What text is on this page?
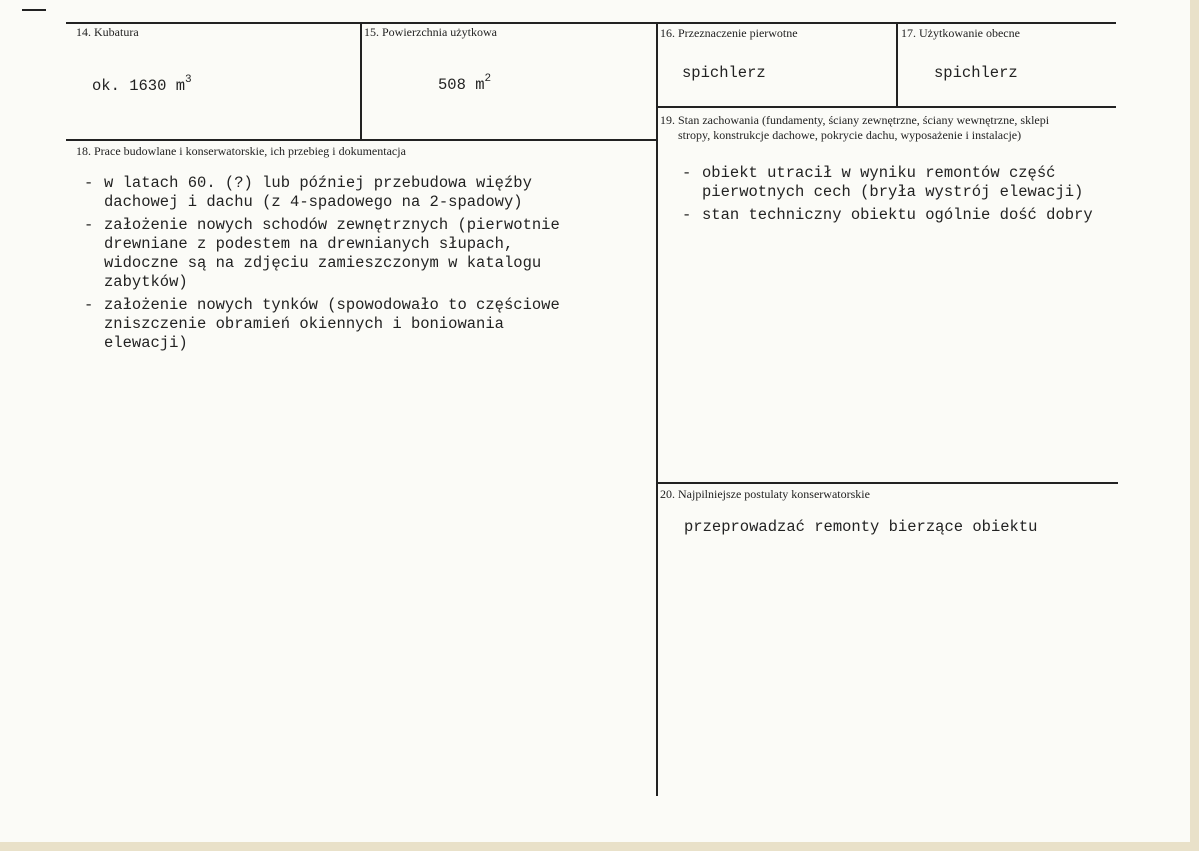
14. Kubatura
ok. 1630 $m^3$
15. Powierzchnia użytkowa
508 $m^2$
16. Przeznaczenie pierwotne
spichlerz
17. Użytkowanie obecne
spichlerz
18. Prace budowlane i konserwatorskie, ich przebieg i dokumentacja
- w latach 60. (?) lub później przebudowa więźby
dachowej i dachu (z 4-spadowego na 2-spadowy)
- założenie nowych schodów zewnętrznych (pierwotnie
drewniane z podestem na drewnianych słupach,
widoczne są na zdjęciu zamieszczonym w katalogu
zabytków)
- założenie nowych tynków (spowodowało to częściowe
zniszczenie obramień okiennych i boniowania
elewacji)
19. Stan zachowania (fundamenty, ściany zewnętrzne, ściany wewnętrzne, sklepi
stropy, konstrukcje dachowe, pokrycie dachu, wyposażenie i instalacje)
- obiekt utracił w wyniku remontów część
pierwotnych cech (bryła wystrój elewacji)
- stan techniczny obiektu ogólnie dość dobry
20. Najpilniejsze postulaty konserwatorskie
przeprowadzać remonty bierzące obiektu
